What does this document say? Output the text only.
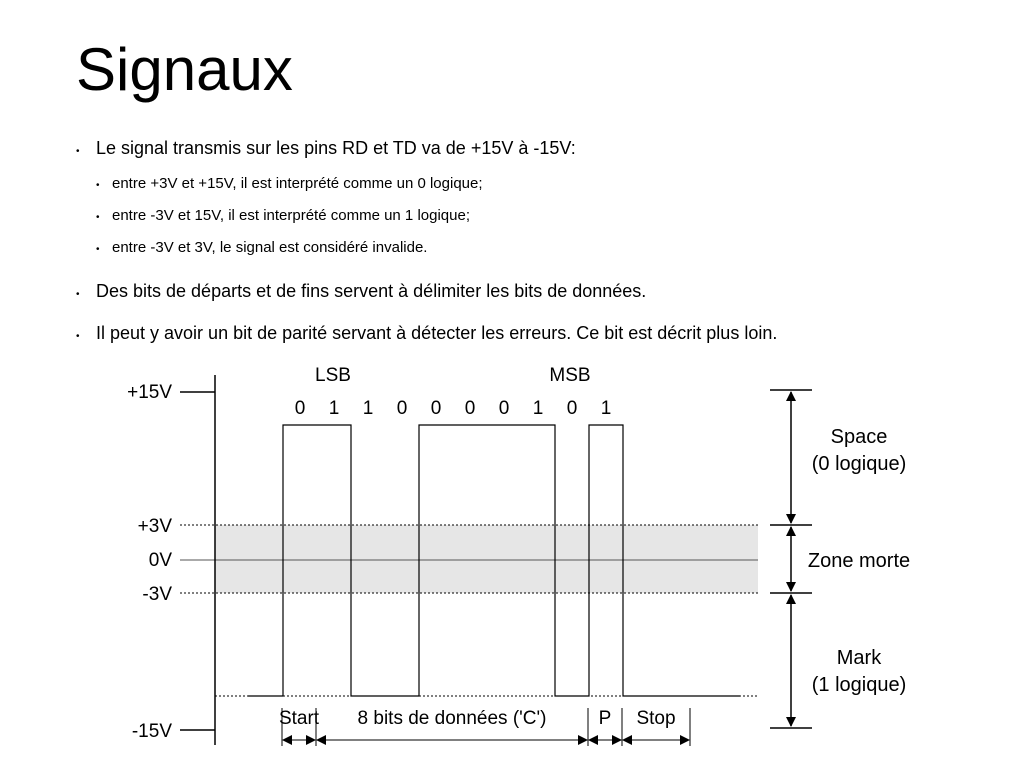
Signaux
• Le signal transmis sur les pins RD et TD va de +15V à -15V:
• entre +3V et +15V, il est interprété comme un 0 logique;
• entre -3V et 15V, il est interprété comme un 1 logique;
• entre -3V et 3V, le signal est considéré invalide.
• Des bits de départs et de fins servent à délimiter les bits de données.
• Il peut y avoir un bit de parité servant à détecter les erreurs. Ce bit est décrit plus loin.
+15V
+3V
0V
-3V
-15V
LSB	MSB
0 1 1 0 0 0 0 1 0 1
Start 8 bits de données ('C')	P Stop
Space
(0 logique)
Zone morte
Mark
(1 logique)
